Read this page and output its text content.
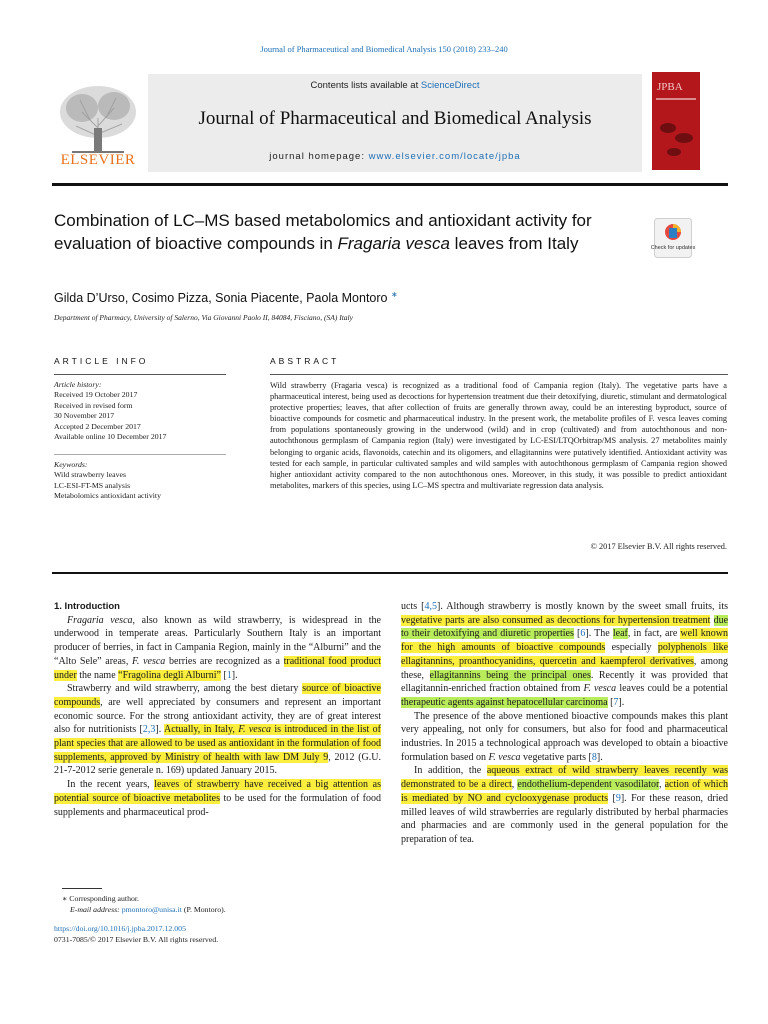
Journal of Pharmaceutical and Biomedical Analysis 150 (2018) 233–240
ELSEVIER
Contents lists available at ScienceDirect
Journal of Pharmaceutical and Biomedical Analysis
journal homepage: www.elsevier.com/locate/jpba
JPBA
Combination of LC–MS based metabolomics and antioxidant activity for evaluation of bioactive compounds in Fragaria vesca leaves from Italy	Check for updates
Gilda D’Urso, Cosimo Pizza, Sonia Piacente, Paola Montoro ∗
Department of Pharmacy, University of Salerno, Via Giovanni Paolo II, 84084, Fisciano, (SA) Italy
ARTICLE INFO	ABSTRACT
Article history:
Received 19 October 2017
Received in revised form
30 November 2017
Accepted 2 December 2017
Available online 10 December 2017
Keywords:
Wild strawberry leaves
LC-ESI-FT-MS analysis
Metabolomics antioxidant activity
Wild strawberry (Fragaria vesca) is recognized as a traditional food of Campania region (Italy). The vegetative parts have a pharmaceutical interest, being used as decoctions for hypertension treatment due their detoxifying, diuretic, stimulant and dermatological protective properties; leaves, that after collection of fruits are generally thrown away, could be an interesting byproduct, source of bioactive compounds for cosmetic and pharmaceutical industry. In the present work, the metabolite profiles of F. vesca leaves coming from populations spontaneously growing in the underwood (wild) and in crop (cultivated) and from autochthonous and non-autochthonous germplasm of Campania region (Italy) were investigated by LC-ESI/LTQOrbitrap/MS analysis. 27 metabolites mainly belonging to organic acids, flavonoids, catechin and its oligomers, and ellagitannins were putatively identified. Antioxidant activity was tested for each sample, in particular cultivated samples and wild samples with autochthonous germplasm of Campania region showed higher antioxidant activity compared to the non autochthonous ones. Moreover, in this study, it was possible to predict antioxidant metabolites, markers of this species, using LC–MS spectra and multivariate regression data analysis.
© 2017 Elsevier B.V. All rights reserved.

1. Introduction

Fragaria vesca, also known as wild strawberry, is widespread in the underwood in temperate areas. Particularly Southern Italy is an important producer of berries, in fact in Campania Region, mainly in the “Alburni” and the “Alto Sele” areas, F. vesca berries are recognized as a traditional food product under the name “Fragolina degli Alburni” [1].

Strawberry and wild strawberry, among the best dietary source of bioactive compounds, are well appreciated by consumers and represent an important economic source. For the strong antioxidant activity, they are of great interest also for nutritionists [2,3]. Actually, in Italy, F. vesca is introduced in the list of plant species that are allowed to be used as antioxidant in the formulation of food supplements, approved by Ministry of health with law DM July 9, 2012 (G.U. 21-7-2012 serie generale n. 169) updated January 2015.

In the recent years, leaves of strawberry have received a big attention as potential source of bioactive metabolites to be used for the formulation of food supplements and pharmaceutical prod-

ucts [4,5]. Although strawberry is mostly known by the sweet small fruits, its vegetative parts are also consumed as decoctions for hypertension treatment due to their detoxifying and diuretic properties [6]. The leaf, in fact, are well known for the high amounts of bioactive compounds especially polyphenols like ellagitannins, proanthocyanidins, quercetin and kaempferol derivatives, among these, ellagitannins being the principal ones. Recently it was provided that ellagitannin-enriched fraction obtained from F. vesca leaves could be a potential therapeutic agents against hepatocellular carcinoma [7].

The presence of the above mentioned bioactive compounds makes this plant very appealing, not only for consumers, but also for food and pharmaceutical industries. In 2015 a technological approach was developed to obtain a bioactive formulation based on F. vesca vegetative parts [8].

In addition, the aqueous extract of wild strawberry leaves recently was demonstrated to be a direct, endothelium-dependent vasodilator, action of which is mediated by NO and cyclooxygenase products [9]. For these reason, dried milled leaves of wild strawberries are regularly distributed by herbal pharmacies and pharmacies and are commonly used in the general population for the preparation of tea.

∗ Corresponding author.
E-mail address: pmontoro@unisa.it (P. Montoro).
https://doi.org/10.1016/j.jpba.2017.12.005
0731-7085/© 2017 Elsevier B.V. All rights reserved.
